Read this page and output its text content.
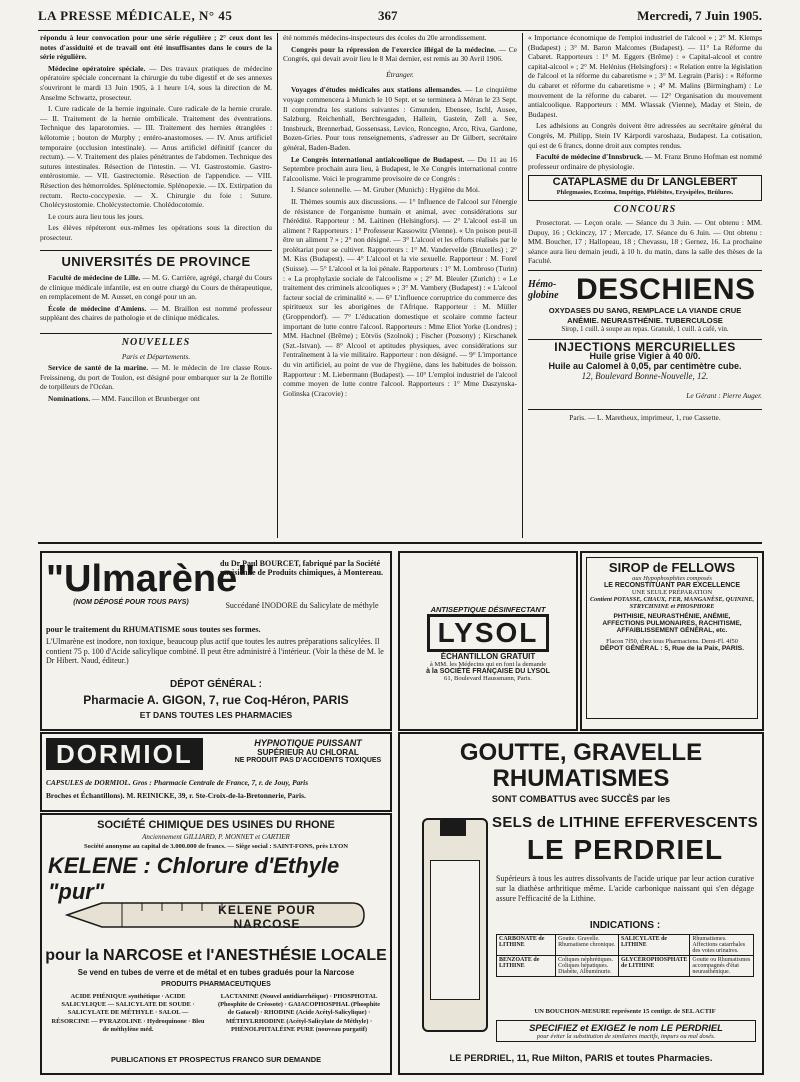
LA PRESSE MÉDICALE, N° 45	367	Mercredi, 7 Juin 1905.

répondu à leur convocation pour une série régulière ; 2° ceux dont les notes d'assiduité et de travail ont été insuffisantes dans le cours de la série régulière.

Médecine opératoire spéciale. — Des travaux pratiques de médecine opératoire spéciale concernant la chirurgie du tube digestif et de ses annexes s'ouvriront le mardi 13 Juin 1905, à 1 heure 1/4, sous la direction de M. Anselme Schwartz, prosecteur.

I. Cure radicale de la hernie inguinale. Cure radicale de la hernie crurale. — II. Traitement de la hernie ombilicale. Traitement des éventrations. Technique des laparotomies. — III. Traitement des hernies étranglées : kélotomie ; bouton de Murphy ; entéro-anastomoses. — IV. Anus artificiel temporaire (occlusion intestinale). — Anus artificiel définitif (cancer du rectum). — V. Traitement des plaies pénétrantes de l'abdomen. Technique des sutures intestinales. Résection de l'intestin. — VI. Gastrostomie. Gastro-entérostomie. — VII. Gastrectomie. Résection de l'appendice. — VIII. Résection des hémorroïdes. Splénectomie. Splénopexie. — IX. Extirpation du rectum. Recto-coccypexie. — X. Chirurgie du foie : Suture. Cholécystostomie. Cholécystectomie. Cholédocotomie.

Le cours aura lieu tous les jours.

Les élèves répéteront eux-mêmes les opérations sous la direction du prosecteur.

UNIVERSITÉS DE PROVINCE

Faculté de médecine de Lille. — M. G. Carrière, agrégé, chargé du Cours de clinique médicale infantile, est en outre chargé du Cours de thérapeutique, en remplacement de M. Ausset, en congé pour un an.

École de médecine d'Amiens. — M. Braillon est nommé professeur suppléant des chaires de pathologie et de clinique médicales.

NOUVELLES

Paris et Départements.

Service de santé de la marine. — M. le médecin de 1re classe Roux-Freissineng, du port de Toulon, est désigné pour embarquer sur la 2e flottille de torpilleurs de l'Océan.

Nominations. — MM. Faucillon et Brunberger ont

été nommés médecins-inspecteurs des écoles du 20e arrondissement.

Congrès pour la répression de l'exercice illégal de la médecine. — Ce Congrès, qui devait avoir lieu le 8 Mai dernier, est remis au 30 Avril 1906.

Étranger.

Voyages d'études médicales aux stations allemandes. — Le cinquième voyage commencera à Munich le 10 Sept. et se terminera à Méran le 23 Sept. Il comprendra les stations suivantes : Gmunden, Ebensee, Ischl, Ausee, Salzburg, Reichenhall, Berchtesgaden, Hallein, Gastein, Zell a. See, Innsbruck, Brennerbad, Gossensass, Levico, Roncegno, Arco, Riva, Gardone, Bozen-Gries. Pour tous renseignements, s'adresser au Dr Gilbert, secrétaire général, Baden-Baden.

Le Congrès international antialcoolique de Budapest. — Du 11 au 16 Septembre prochain aura lieu, à Budapest, le Xe Congrès international contre l'alcoolisme. Voici le programme provisoire de ce Congrès :

I. Séance solennelle. — M. Gruber (Munich) : Hygiène du Moi.

II. Thèmes soumis aux discussions. — 1° Influence de l'alcool sur l'énergie de résistance de l'organisme humain et animal, avec considérations sur l'hérédité. Rapporteur : M. Laitinen (Helsingfors). — 2° L'alcool est-il un aliment ? Rapporteurs : 1° Professeur Kassowitz (Vienne). « Un poison peut-il être un aliment ? » ; 2° non désigné. — 3° L'alcool et les efforts réalisés par le prolétariat pour se cultiver. Rapporteurs : 1° M. Vandervelde (Bruxelles) ; 2° M. Kiss (Budapest). — 4° L'alcool et la vie sexuelle. Rapporteur : M. Forel (Suisse). — 5° L'alcool et la loi pénale. Rapporteurs : 1° M. Lombroso (Turin) : « La prophylaxie sociale de l'alcoolisme » ; 2° M. Bleuler (Zurich) : « Le traitement des criminels alcooliques » ; 3° M. Vambery (Budapest) : « L'alcool facteur social de criminalité ». — 6° L'influence corruptrice du commerce des spiritueux sur les aborigènes de l'Afrique. Rapporteur : M. Müller (Groppendorf). — 7° L'éducation domestique et scolaire comme facteur important de lutte contre l'alcool. Rapporteurs : Mme Eliot Yorke (Londres) ; MM. Hachnel (Brême) ; Eötvös (Szolnok) ; Fischer (Pozsony) ; Kirschanek (Szt.-Istvan). — 8° Alcool et aptitudes physiques, avec considérations sur l'entraînement à la vie militaire. Rapporteur : non désigné. — 9° L'importance du vin artificiel, au point de vue de l'hygiène, dans les habitudes de boisson. Rapporteur : M. Liebermann (Budapest). — 10° L'emploi industriel de l'alcool comme moyen de lutte contre l'alcool. Rapporteurs : 1° Mme Daszynska-Golinska (Cracovie) :

« Importance économique de l'emploi industriel de l'alcool » ; 2° M. Klemps (Budapest) ; 3° M. Baron Malcomes (Budapest). — 11° La Réforme du Cabaret. Rapporteurs : 1° M. Eggers (Brême) : « Capital-alcool et contre capital-alcool » ; 2° M. Helénius (Helsingfors) : « Relation entre la législation de l'alcool et la réforme du cabaretisme » ; 3° M. Legrain (Paris) : « Réforme du cabaret et réforme du cabaretisme » ; 4° M. Malins (Birmingham) : Le mouvement de la réforme du cabaret. — 12° Organisation du mouvement antialcoolique. Rapporteurs : MM. Wlassak (Vienne), Maday et Stein, de Budapest.

Les adhésions au Congrès doivent être adressées au secrétaire général du Congrès, M. Philipp, Stein IV Kárpordi varoshaza, Budapest. La cotisation, qui est de 6 francs, donne droit aux comptes rendus.

Faculté de médecine d'Innsbruck. — M. Franz Bruno Hofman est nommé professeur ordinaire de physiologie.

CATAPLASME du Dr LANGLEBERT
Phlegmasies, Eczéma, Impétigo, Phlébites, Erysipèles, Brûlures.
CONCOURS

Prosectorat. — Leçon orale. — Séance du 3 Juin. — Ont obtenu : MM. Dupuy, 16 ; Ockinczy, 17 ; Mercade, 17. Séance du 6 Juin. — Ont obtenu : MM. Boucher, 17 ; Hallopeau, 18 ; Chevassu, 18 ; Gernez, 16. La prochaine séance aura lieu demain jeudi, à 10 h. du matin, dans la salle des thèses de la Faculté.

Hémo-
globine DESCHIENS
OXYDASES DU SANG, REMPLACE LA VIANDE CRUE
ANÉMIE. NEURASTHÉNIE. TUBERCULOSE
Sirop, 1 cuill. à soupe au repas. Granulé, 1 cuill. à café, vin.
INJECTIONS MERCURIELLES
Huile grise Vigier à 40 0/0.
Huile au Calomel à 0,05, par centimètre cube.
12, Boulevard Bonne-Nouvelle, 12.
Le Gérant : Pierre Auger.
Paris. — L. Maretheux, imprimeur, 1, rue Cassette.
"Ulmarène"
(NOM DÉPOSÉ POUR TOUS PAYS)
du Dr Paul BOURCET, fabriqué par la Société parisienne de Produits chimiques, à Montereau.
Succédané INODORE du Salicylate de méthyle
pour le traitement du RHUMATISME sous toutes ses formes.
L'Ulmarène est inodore, non toxique, beaucoup plus actif que toutes les autres préparations salicylées. Il contient 75 p. 100 d'Acide salicylique combiné. Il peut être administré à l'intérieur. (Voir la thèse de M. le Dr Hibert. Naud, éditeur.)
DÉPOT GÉNÉRAL :
Pharmacie A. GIGON, 7, rue Coq-Héron, PARIS
ET DANS TOUTES LES PHARMACIES
ANTISEPTIQUE DÉSINFECTANT
LYSOL
ÉCHANTILLON GRATUIT
à MM. les Médecins qui en font la demande
à la SOCIÉTÉ FRANÇAISE DU LYSOL
61, Boulevard Haussmann, Paris.
SIROP de FELLOWS
aux Hypophosphites composés
LE RECONSTITUANT PAR EXCELLENCE
UNE SEULE PRÉPARATION
Contient POTASSE, CHAUX, FER, MANGANÈSE, QUININE, STRYCHNINE et PHOSPHORE
PHTHISIE, NEURASTHÉNIE, ANÉMIE,
AFFECTIONS PULMONAIRES, RACHITISME,
AFFAIBLISSEMENT GÉNÉRAL, etc.
Flacon 7f50, chez tous Pharmaciens. Demi-Fl. 4f50
DÉPOT GÉNÉRAL : 5, Rue de la Paix, PARIS.
DORMIOL	HYPNOTIQUE PUISSANT
SUPÉRIEUR AU CHLORAL
NE PRODUIT PAS D'ACCIDENTS TOXIQUES
CAPSULES de DORMIOL. Gros : Pharmacie Centrale de France, 7, r. de Jouy, Paris
Broches et Échantillons). M. REINICKE, 39, r. Ste-Croix-de-la-Bretonnerie, Paris.
SOCIÉTÉ CHIMIQUE DES USINES DU RHONE
Anciennement GILLIARD, P. MONNET et CARTIER
Société anonyme au capital de 3.000.000 de francs. — Siège social : SAINT-FONS, près LYON
KELENE : Chlorure d'Ethyle "pur"
KELENE POUR NARCOSE
pour la NARCOSE et l'ANESTHÉSIE LOCALE
Se vend en tubes de verre et de métal et en tubes gradués pour la Narcose
PRODUITS PHARMACEUTIQUES
ACIDE PHÉNIQUE synthétique · ACIDE SALICYLIQUE — SALICYLATE DE SOUDE · SALICYLATE DE MÉTHYLE · SALOL — RÉSORCINE — PYRAZOLINE · Hydroquinone · Bleu de méthylène méd.
LACTANINE (Nouvel antidiarrhéique) · PHOSPHOTAL (Phosphite de Créosote) · GAIACOPHOSPHAL (Phosphite de Gaïacol) · RHODINE (Acide Acétyl-Salicylique) · MÉTHYLRHODINE (Acétyl-Salicylate de Méthyle) · PHÉNOLPHTALÉINE PURE (nouveau purgatif)
PUBLICATIONS ET PROSPECTUS FRANCO SUR DEMANDE
GOUTTE, GRAVELLE
RHUMATISMES
SONT COMBATTUS avec SUCCÈS par les
SELS de LITHINE EFFERVESCENTS
LE PERDRIEL
Supérieurs à tous les autres dissolvants de l'acide urique par leur action curative sur la diathèse arthritique même. L'acide carbonique naissant qui s'en dégage assure l'efficacité de la Lithine.
INDICATIONS :
CARBONATE de LITHINE	Goutte. Gravelle. Rhumatisme chronique.	SALICYLATE de LITHINE	Rhumatismes. Affections catarrhales des voies urinaires.
BENZOATE de LITHINE	Coliques néphrétiques. Coliques hépatiques. Diabète, Albuminurie.	GLYCÉROPHOSPHATE de LITHINE	Goutte ou Rhumatismes accompagnés d'état neurasthénique.
UN BOUCHON-MESURE représente 15 centigr. de SEL ACTIF
SPECIFIEZ et EXIGEZ le nom LE PERDRIEL
pour éviter la substitution de similaires inactifs, impurs ou mal dosés.
LE PERDRIEL, 11, Rue Milton, PARIS et toutes Pharmacies.
